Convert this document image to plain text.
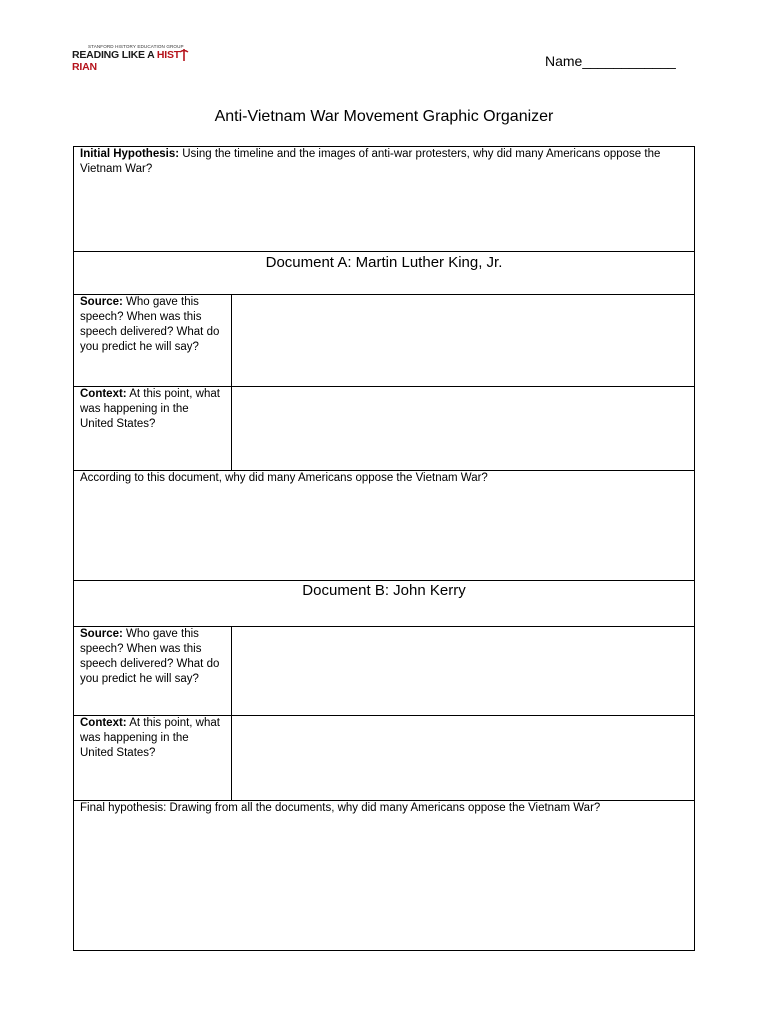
STANFORD HISTORY EDUCATION GROUP
READING LIKE A HIST
RIAN	Name____________
Anti-Vietnam War Movement Graphic Organizer
Initial Hypothesis: Using the timeline and the images of anti-war protesters, why did many Americans oppose the Vietnam War?
Document A: Martin Luther King, Jr.
Source: Who gave this speech? When was this speech delivered? What do you predict he will say?
Context: At this point, what was happening in the United States?
According to this document, why did many Americans oppose the Vietnam War?
Document B: John Kerry
Source: Who gave this speech? When was this speech delivered? What do you predict he will say?
Context: At this point, what was happening in the United States?
Final hypothesis: Drawing from all the documents, why did many Americans oppose the Vietnam War?
